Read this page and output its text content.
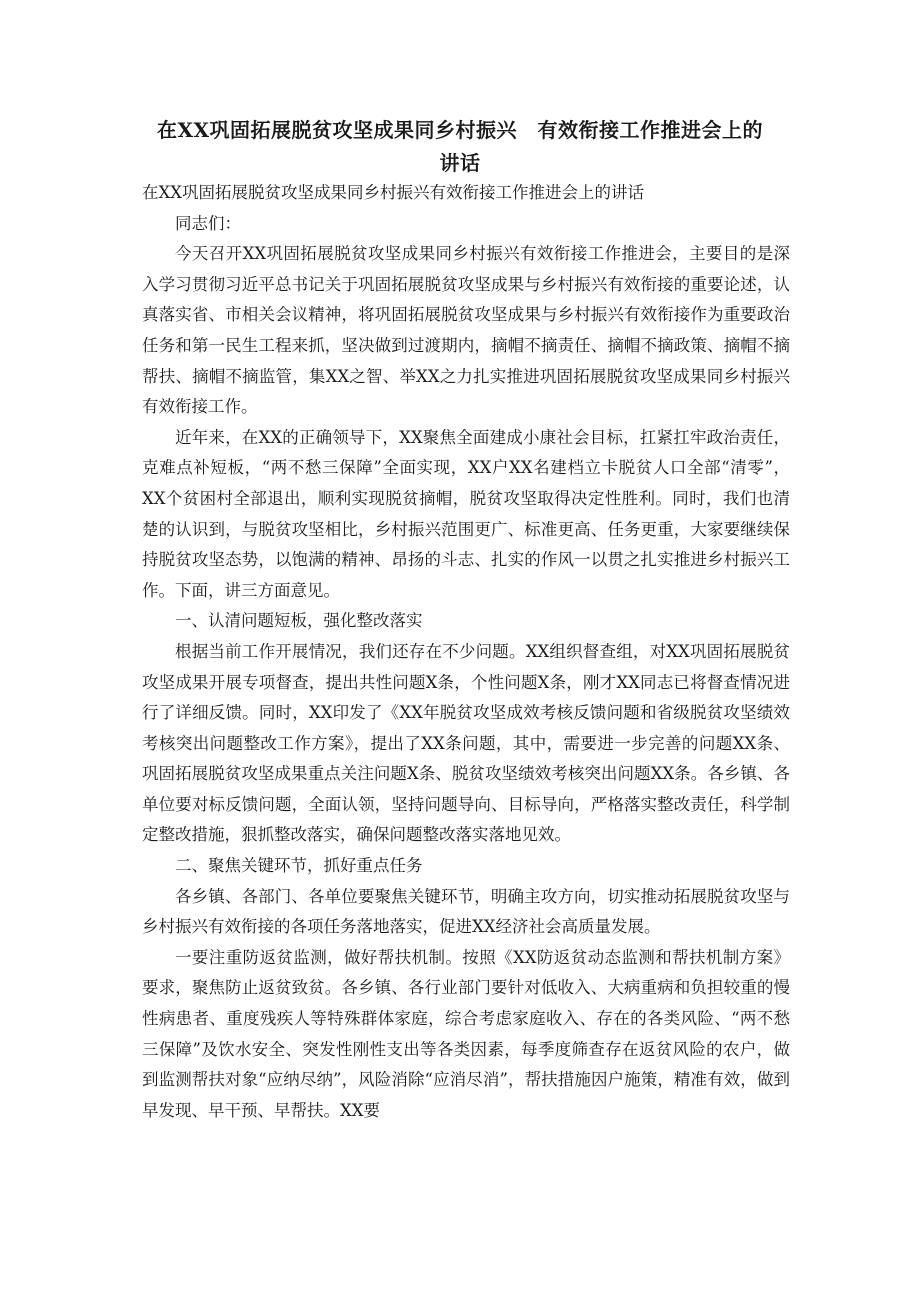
在XX巩固拓展脱贫攻坚成果同乡村振兴　有效衔接工作推进会上的
讲话

在XX巩固拓展脱贫攻坚成果同乡村振兴有效衔接工作推进会上的讲话

同志们：

今天召开XX巩固拓展脱贫攻坚成果同乡村振兴有效衔接工作推进会，主要目的是深入学习贯彻习近平总书记关于巩固拓展脱贫攻坚成果与乡村振兴有效衔接的重要论述，认真落实省、市相关会议精神，将巩固拓展脱贫攻坚成果与乡村振兴有效衔接作为重要政治任务和第一民生工程来抓，坚决做到过渡期内，摘帽不摘责任、摘帽不摘政策、摘帽不摘帮扶、摘帽不摘监管，集XX之智、举XX之力扎实推进巩固拓展脱贫攻坚成果同乡村振兴有效衔接工作。

近年来，在XX的正确领导下，XX聚焦全面建成小康社会目标，扛紧扛牢政治责任，克难点补短板，“两不愁三保障”全面实现，XX户XX名建档立卡脱贫人口全部“清零”，XX个贫困村全部退出，顺利实现脱贫摘帽，脱贫攻坚取得决定性胜利。同时，我们也清楚的认识到，与脱贫攻坚相比，乡村振兴范围更广、标准更高、任务更重，大家要继续保持脱贫攻坚态势，以饱满的精神、昂扬的斗志、扎实的作风一以贯之扎实推进乡村振兴工作。下面，讲三方面意见。

一、认清问题短板，强化整改落实

根据当前工作开展情况，我们还存在不少问题。XX组织督查组，对XX巩固拓展脱贫攻坚成果开展专项督查，提出共性问题X条，个性问题X条，刚才XX同志已将督查情况进行了详细反馈。同时，XX印发了《XX年脱贫攻坚成效考核反馈问题和省级脱贫攻坚绩效考核突出问题整改工作方案》，提出了XX条问题，其中，需要进一步完善的问题XX条、巩固拓展脱贫攻坚成果重点关注问题X条、脱贫攻坚绩效考核突出问题XX条。各乡镇、各单位要对标反馈问题，全面认领，坚持问题导向、目标导向，严格落实整改责任，科学制定整改措施，狠抓整改落实，确保问题整改落实落地见效。

二、聚焦关键环节，抓好重点任务

各乡镇、各部门、各单位要聚焦关键环节，明确主攻方向，切实推动拓展脱贫攻坚与乡村振兴有效衔接的各项任务落地落实，促进XX经济社会高质量发展。

一要注重防返贫监测，做好帮扶机制。按照《XX防返贫动态监测和帮扶机制方案》要求，聚焦防止返贫致贫。各乡镇、各行业部门要针对低收入、大病重病和负担较重的慢性病患者、重度残疾人等特殊群体家庭，综合考虑家庭收入、存在的各类风险、“两不愁三保障”及饮水安全、突发性刚性支出等各类因素，每季度筛查存在返贫风险的农户，做到监测帮扶对象“应纳尽纳”，风险消除“应消尽消”，帮扶措施因户施策，精准有效，做到早发现、早干预、早帮扶。XX要
